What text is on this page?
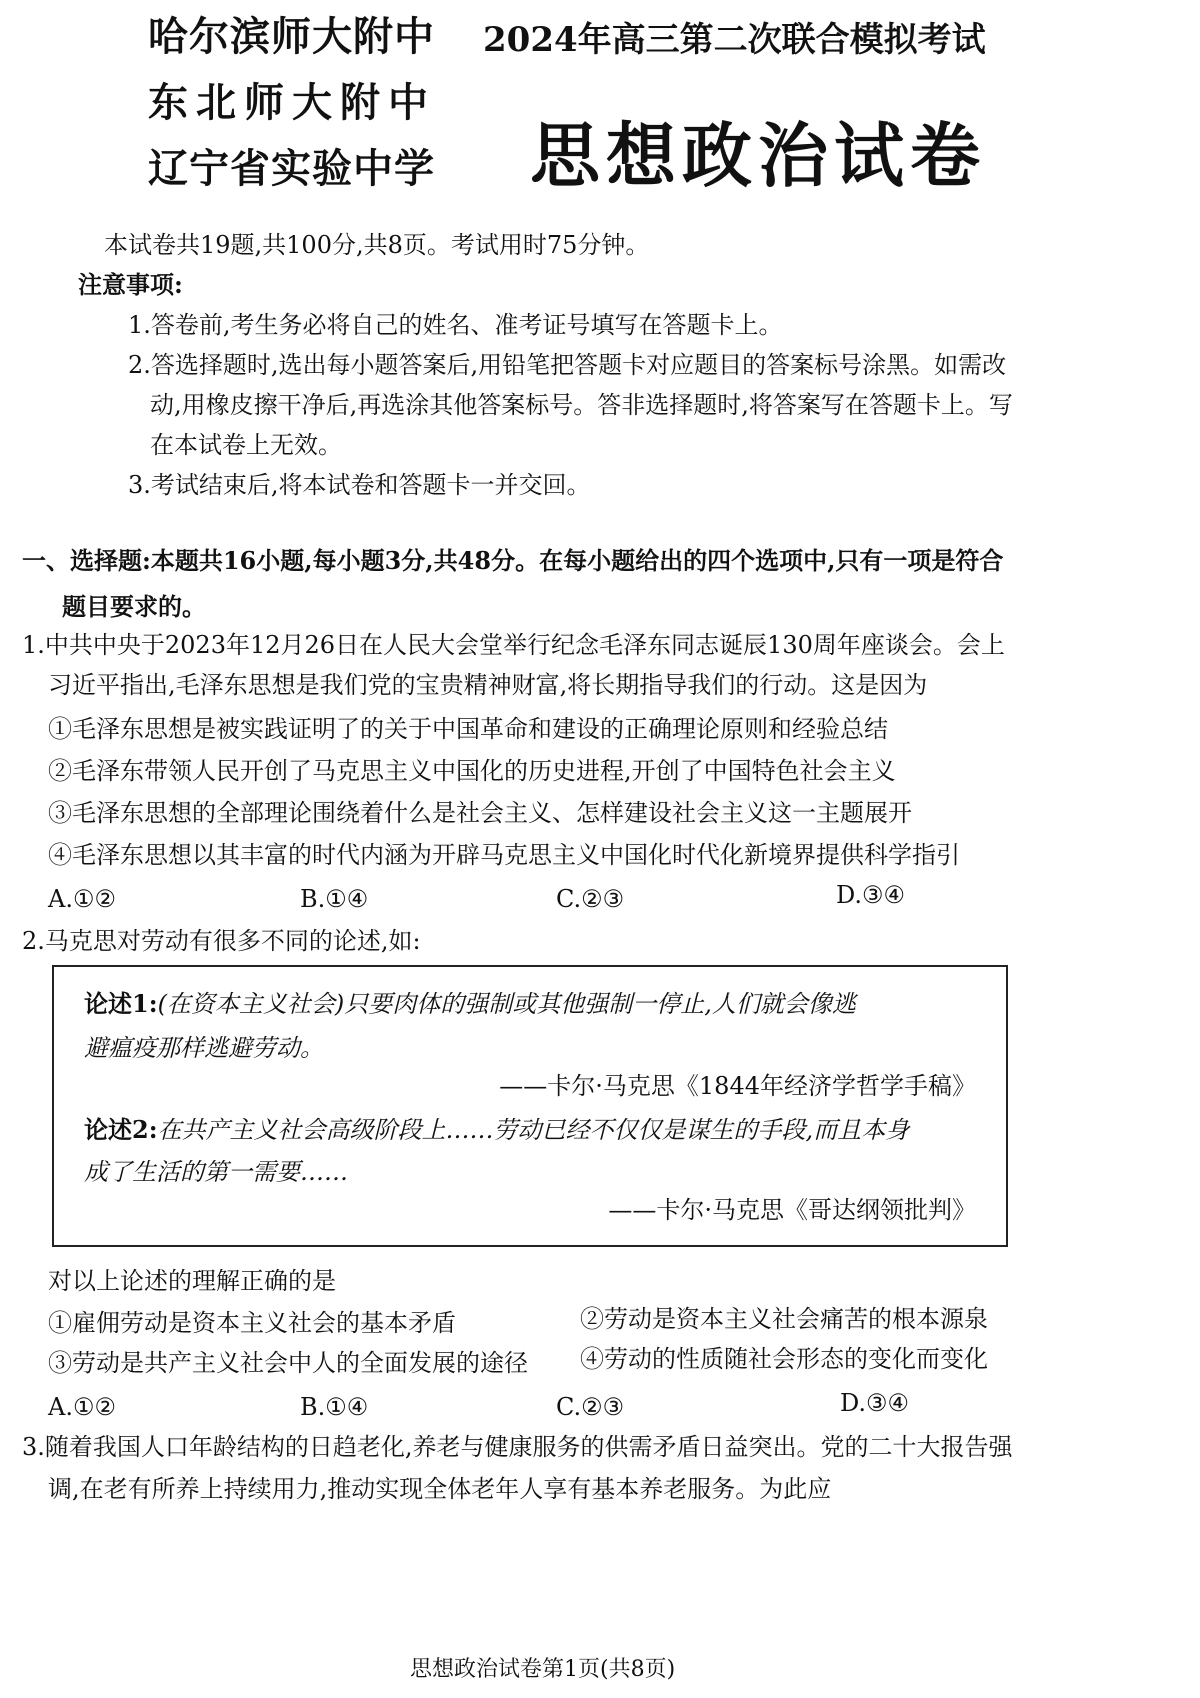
哈尔滨师大附中
东北师大附中
辽宁省实验中学
2024年高三第二次联合模拟考试
思想政治试卷
本试卷共19题,共100分,共8页。考试用时75分钟。
注意事项:
1.答卷前,考生务必将自己的姓名、准考证号填写在答题卡上。
2.答选择题时,选出每小题答案后,用铅笔把答题卡对应题目的答案标号涂黑。如需改
动,用橡皮擦干净后,再选涂其他答案标号。答非选择题时,将答案写在答题卡上。写
在本试卷上无效。
3.考试结束后,将本试卷和答题卡一并交回。
一、选择题:本题共16小题,每小题3分,共48分。在每小题给出的四个选项中,只有一项是符合
题目要求的。
1.中共中央于2023年12月26日在人民大会堂举行纪念毛泽东同志诞辰130周年座谈会。会上
习近平指出,毛泽东思想是我们党的宝贵精神财富,将长期指导我们的行动。这是因为
①毛泽东思想是被实践证明了的关于中国革命和建设的正确理论原则和经验总结
②毛泽东带领人民开创了马克思主义中国化的历史进程,开创了中国特色社会主义
③毛泽东思想的全部理论围绕着什么是社会主义、怎样建设社会主义这一主题展开
④毛泽东思想以其丰富的时代内涵为开辟马克思主义中国化时代化新境界提供科学指引
A.①②	B.①④	C.②③	D.③④
2.马克思对劳动有很多不同的论述,如:
论述1:(在资本主义社会)只要肉体的强制或其他强制一停止,人们就会像逃
避瘟疫那样逃避劳动。
——卡尔·马克思《1844年经济学哲学手稿》
论述2:在共产主义社会高级阶段上……劳动已经不仅仅是谋生的手段,而且本身
成了生活的第一需要……
——卡尔·马克思《哥达纲领批判》
对以上论述的理解正确的是
①雇佣劳动是资本主义社会的基本矛盾	②劳动是资本主义社会痛苦的根本源泉
③劳动是共产主义社会中人的全面发展的途径 ④劳动的性质随社会形态的变化而变化
A.①②	B.①④	C.②③	D.③④
3.随着我国人口年龄结构的日趋老化,养老与健康服务的供需矛盾日益突出。党的二十大报告强
调,在老有所养上持续用力,推动实现全体老年人享有基本养老服务。为此应
思想政治试卷第1页(共8页)
